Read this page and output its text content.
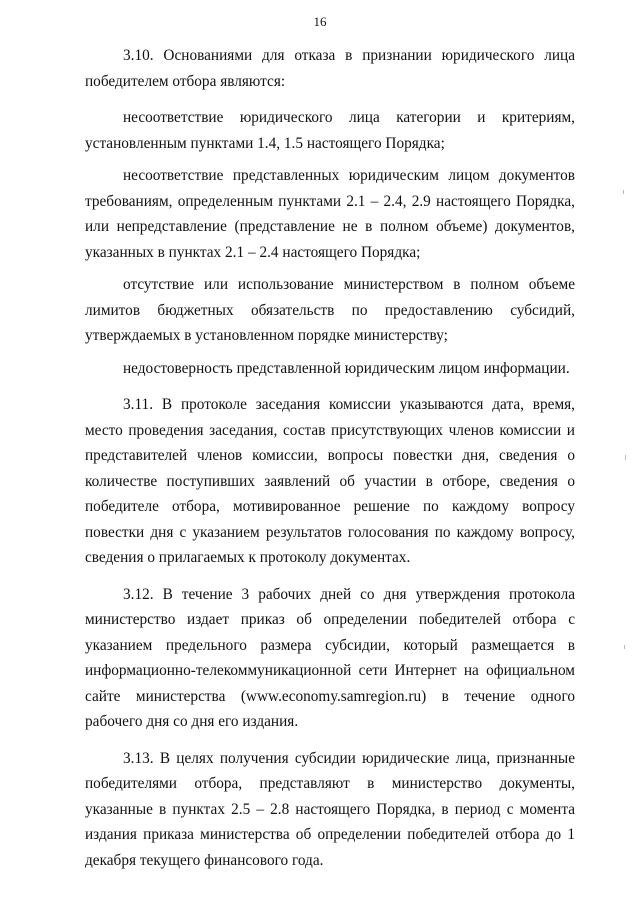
16

3.10. Основаниями для отказа в признании юридического лица победителем отбора являются:

несоответствие юридического лица категории и критериям, установленным пунктами 1.4, 1.5 настоящего Порядка;

несоответствие представленных юридическим лицом документов требованиям, определенным пунктами 2.1 – 2.4, 2.9 настоящего Порядка, или непредставление (представление не в полном объеме) документов, указанных в пунктах 2.1 – 2.4 настоящего Порядка;

отсутствие или использование министерством в полном объеме лимитов бюджетных обязательств по предоставлению субсидий, утверждаемых в установленном порядке министерству;

недостоверность представленной юридическим лицом информации.

3.11. В протоколе заседания комиссии указываются дата, время, место проведения заседания, состав присутствующих членов комиссии и представителей членов комиссии, вопросы повестки дня, сведения о количестве поступивших заявлений об участии в отборе, сведения о победителе отбора, мотивированное решение по каждому вопросу повестки дня с указанием результатов голосования по каждому вопросу, сведения о прилагаемых к протоколу документах.

3.12. В течение 3 рабочих дней со дня утверждения протокола министерство издает приказ об определении победителей отбора с указанием предельного размера субсидии, который размещается в информационно-телекоммуникационной сети Интернет на официальном сайте министерства (www.economy.samregion.ru) в течение одного рабочего дня со дня его издания.

3.13. В целях получения субсидии юридические лица, признанные победителями отбора, представляют в министерство документы, указанные в пунктах 2.5 – 2.8 настоящего Порядка, в период с момента издания приказа министерства об определении победителей отбора до 1 декабря текущего финансового года.
